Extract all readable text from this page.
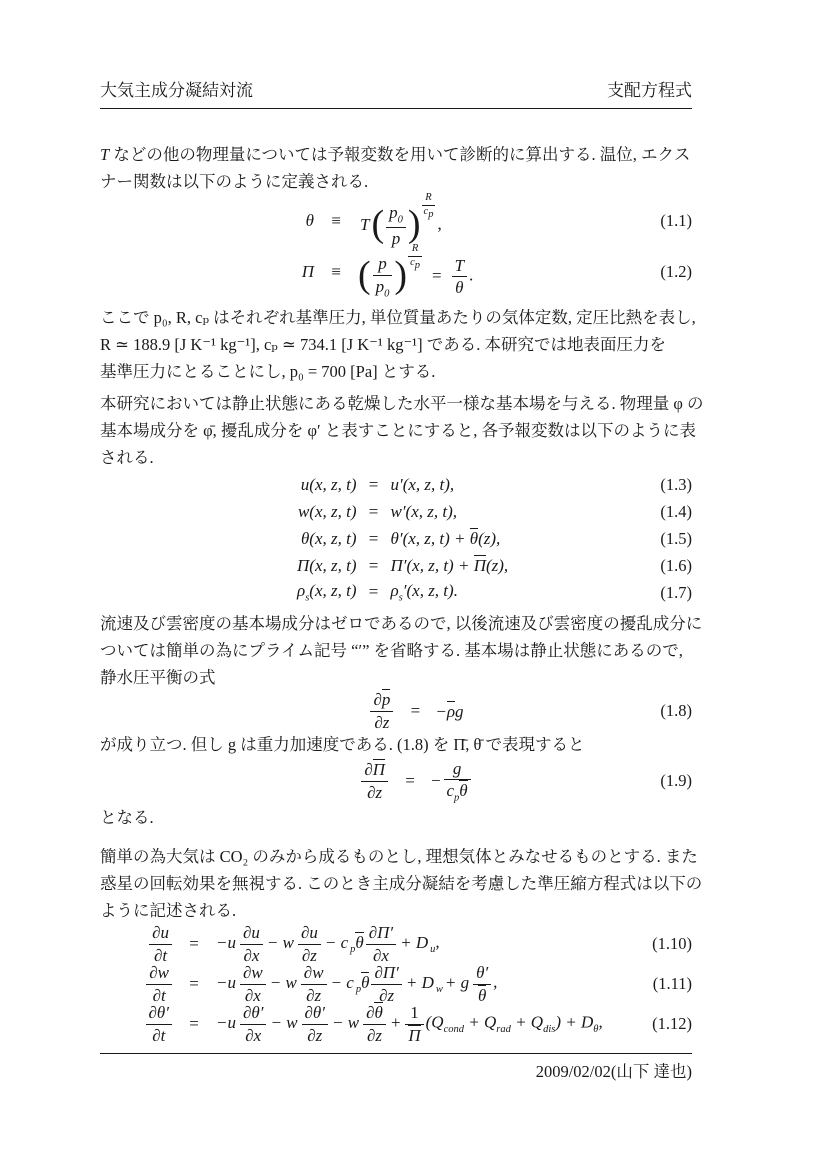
大気主成分凝結対流	支配方程式
T などの他の物理量については予報変数を用いて診断的に算出する. 温位, エクス
ナー関数は以下のように定義される.
θ	≡	$T( \frac{p_0}{p}$ ) $\frac{R}{c_p}$
,	(1.1)
Π	≡ ( $\frac{p}{p_0}$ ) $\frac{R}{c_p}$
= $\frac{T}{\theta}$ .	(1.2)
ここで p₀, R, cₚ はそれぞれ基準圧力, 単位質量あたりの気体定数, 定圧比熱を表し,
R ≃ 188.9 [J K⁻¹ kg⁻¹], cₚ ≃ 734.1 [J K⁻¹ kg⁻¹] である. 本研究では地表面圧力を
基準圧力にとることにし, p₀ = 700 [Pa] とする.
本研究においては静止状態にある乾燥した水平一様な基本場を与える. 物理量 φ の
基本場成分を φ̄, 擾乱成分を φ′ と表すことにすると, 各予報変数は以下のように表
される.
u(x, z, t) = u′(x, z, t),	(1.3)
w(x, z, t) = w′(x, z, t),	(1.4)
θ(x, z, t) = θ′(x, z, t) + θ(z),	(1.5)
Π(x, z, t) = Π′(x, z, t) + Π(z),	(1.6)
$\rho_s(x$, z, $t) = \rho_s'(x$, z, t).	(1.7)
流速及び雲密度の基本場成分はゼロであるので, 以後流速及び雲密度の擾乱成分に
ついては簡単の為にプライム記号 “′” を省略する. 基本場は静止状態にあるので,
静水圧平衡の式
$\frac{\partial p}{\partial z}$	= −ρg	(1.8)
が成り立つ. 但し g は重力加速度である. (1.8) を Π̄, θ̄ で表現すると
$\frac{\partial\Pi}{\partial z}$	= − $\frac{g}{c_p\theta}$	(1.9)
となる.
簡単の為大気は CO₂ のみから成るものとし, 理想気体とみなせるものとする. また
惑星の回転効果を無視する. このとき主成分凝結を考慮した準圧縮方程式は以下の
ように記述される.
$\frac{\partial u}{\partial t}$	=	$-u \frac{\partial u}{\partial x} - w \frac{\partial u}{\partial z} - c$ $_p\theta \frac{\partial\Pi'}{\partial x} + D$ $_u$,	(1.10)
$\frac{\partial w}{\partial t}$	=	$-u \frac{\partial w}{\partial x} - w \frac{\partial w}{\partial z} - c$ $_p\theta \frac{\partial\Pi'}{\partial z} + D$ $_w$ + g $\frac{\theta'}{\theta}$ ,	(1.11)
$\frac{\partial\theta'}{\partial t}$	=	$-u \frac{\partial\theta'}{\partial x} - w \frac{\partial\theta'}{\partial z} - w \frac{\partial\theta}{\partial z} + \frac{1}{\Pi} (Q_{cond} + Q_{rad} + Q_{dis}) + D_\theta$,	(1.12)
2009/02/02(山下 達也)
